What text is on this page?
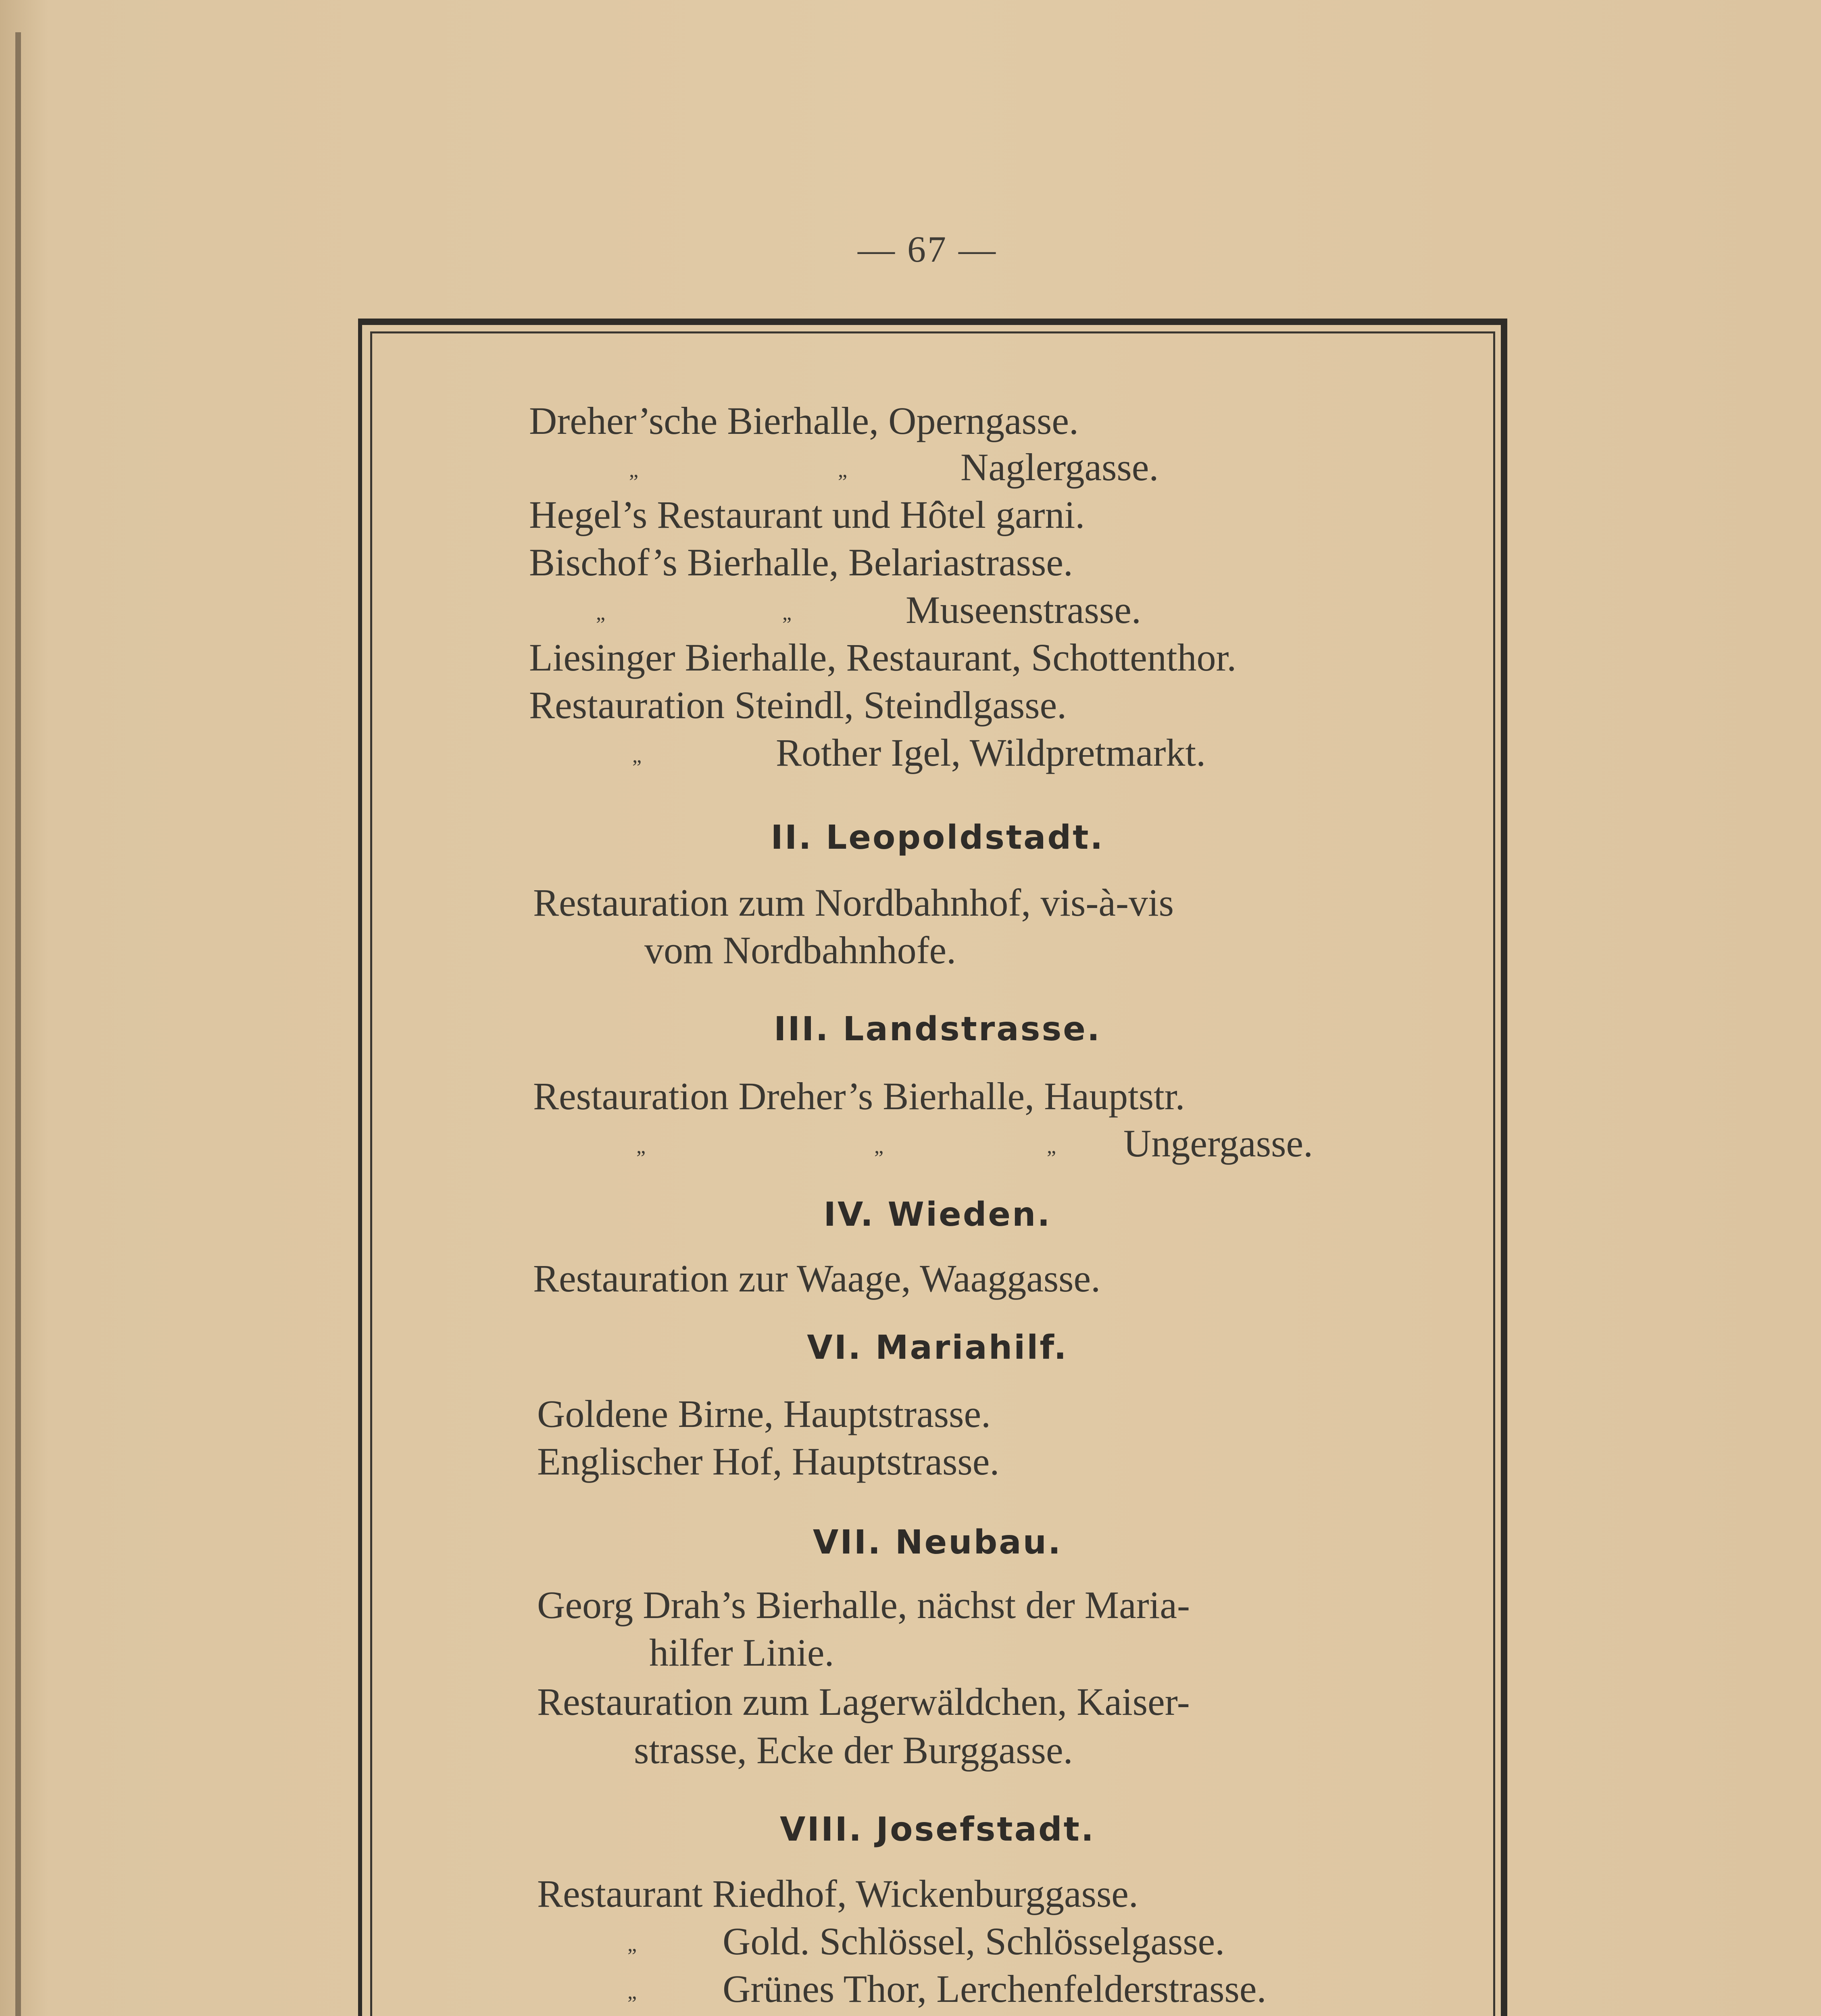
— 67 —
Dreher’sche Bierhalle, Operngasse.
„	„	Naglergasse.
Hegel’s Restaurant und Hôtel garni.
Bischof’s Bierhalle, Belariastrasse.
„	„	Museenstrasse.
Liesinger Bierhalle, Restaurant, Schottenthor.
Restauration Steindl, Steindlgasse.
„	Rother Igel, Wildpretmarkt.
II. Leopoldstadt.
Restauration zum Nordbahnhof, vis-à-vis
vom Nordbahnhofe.
III. Landstrasse.
Restauration Dreher’s Bierhalle, Hauptstr.
„	„	„ Ungergasse.
IV. Wieden.
Restauration zur Waage, Waaggasse.
VI. Mariahilf.
Goldene Birne, Hauptstrasse.
Englischer Hof, Hauptstrasse.
VII. Neubau.
Georg Drah’s Bierhalle, nächst der Maria-
hilfer Linie.
Restauration zum Lagerwäldchen, Kaiser-
strasse, Ecke der Burggasse.
VIII. Josefstadt.
Restaurant Riedhof, Wickenburggasse.
„ Gold. Schlössel, Schlösselgasse.
„ Grünes Thor, Lerchenfelderstrasse.
